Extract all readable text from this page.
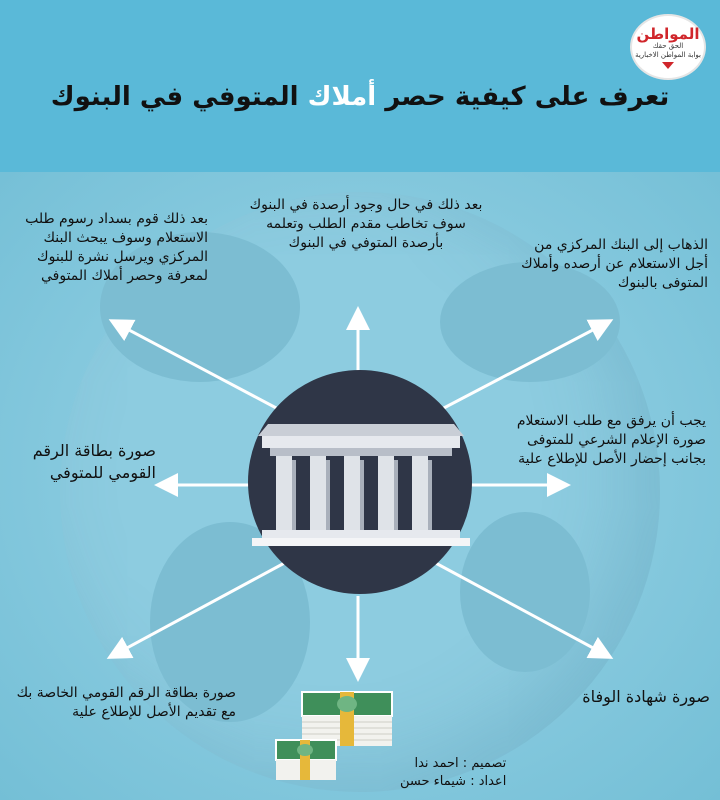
المواطن
الحق حقك
بوابة المواطن الاخبارية
تعرف على كيفية حصر أملاك المتوفي في البنوك
بعد ذلك في حال وجود أرصدة في البنوك سوف تخاطب مقدم الطلب وتعلمه بأرصدة المتوفي في البنوك
بعد ذلك قوم بسداد رسوم طلب الاستعلام وسوف يبحث البنك المركزي ويرسل نشرة للبنوك لمعرفة وحصر أملاك المتوفي
الذهاب إلى البنك المركزي من أجل الاستعلام عن أرصده وأملاك المتوفى بالبنوك
يجب أن يرفق مع طلب الاستعلام صورة الإعلام الشرعي للمتوفى بجانب إحضار الأصل للإطلاع علية
صورة بطاقة الرقم القومي للمتوفي
صورة بطاقة الرقم القومي الخاصة بك مع تقديم الأصل للإطلاع علية
صورة شهادة الوفاة
تصميم : احمد ندا
اعداد : شيماء حسن
